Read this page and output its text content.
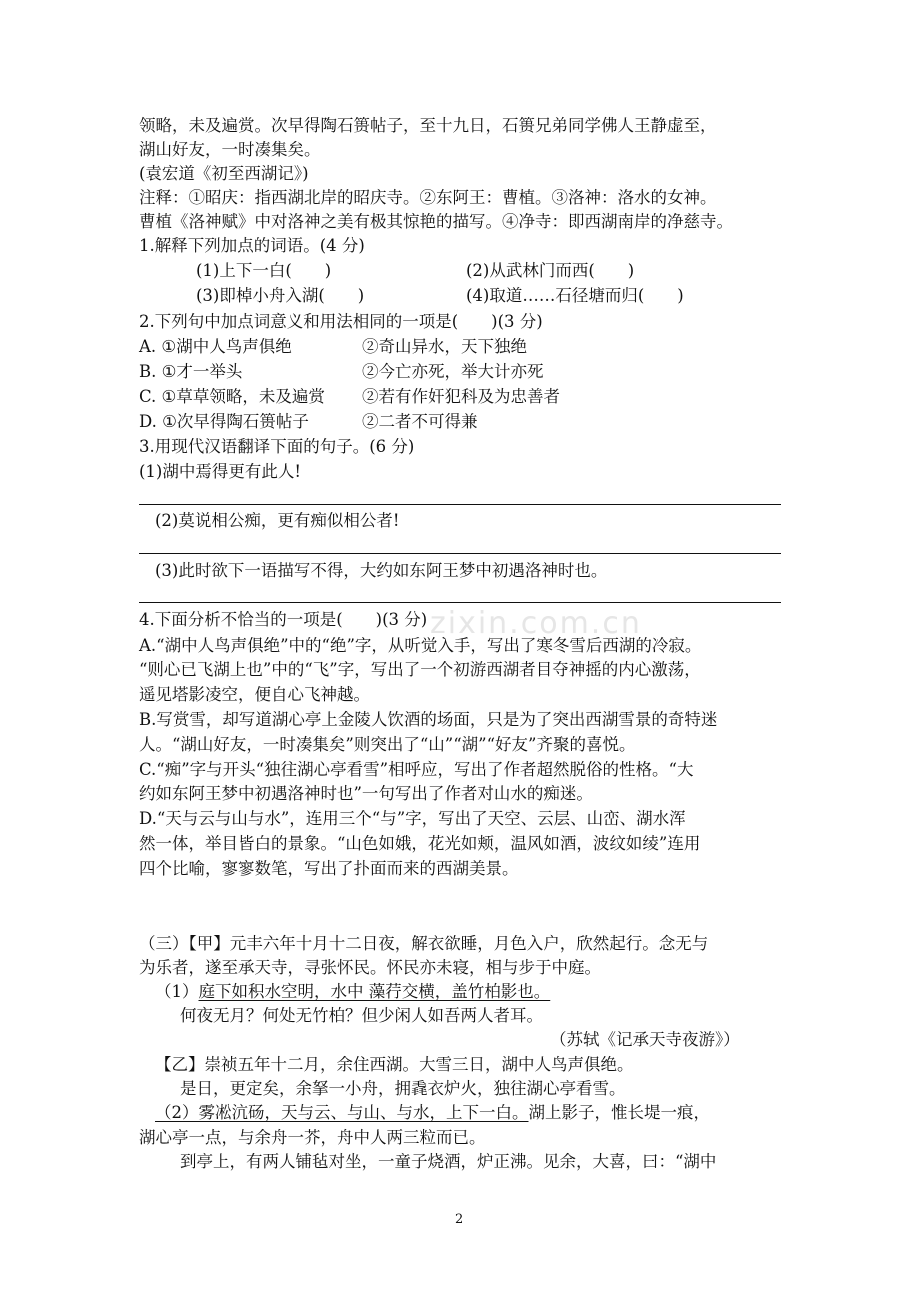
zixin.com.cn
领略，未及遍赏。次早得陶石篑帖子，至十九日，石篑兄弟同学佛人王静虚至，
湖山好友，一时凑集矣。
(袁宏道《初至西湖记》)
注释：①昭庆：指西湖北岸的昭庆寺。②东阿王：曹植。③洛神：洛水的女神。
曹植《洛神赋》中对洛神之美有极其惊艳的描写。④净寺：即西湖南岸的净慈寺。
1.解释下列加点的词语。(4 分)
(1)上下一白(　　)	(2)从武林门而西(　　)
(3)即棹小舟入湖(　　)	(4)取道……石径塘而归(　　)
2.下列句中加点词意义和用法相同的一项是(　　)(3 分)
A. ①湖中人鸟声俱绝	②奇山异水，天下独绝
B. ①才一举头	②今亡亦死，举大计亦死
C. ①草草领略，未及遍赏 ②若有作奸犯科及为忠善者
D. ①次早得陶石篑帖子	②二者不可得兼
3.用现代汉语翻译下面的句子。(6 分)
(1)湖中焉得更有此人!
(2)莫说相公痴，更有痴似相公者!
(3)此时欲下一语描写不得，大约如东阿王梦中初遇洛神时也。
4.下面分析不恰当的一项是(　　)(3 分)
A.“湖中人鸟声俱绝”中的“绝”字，从听觉入手，写出了寒冬雪后西湖的冷寂。
“则心已飞湖上也”中的“飞”字，写出了一个初游西湖者目夺神摇的内心激荡，
遥见塔影凌空，便自心飞神越。
B.写赏雪，却写道湖心亭上金陵人饮酒的场面，只是为了突出西湖雪景的奇特迷
人。“湖山好友，一时凑集矣”则突出了“山”“湖”“好友”齐聚的喜悦。
C.“痴”字与开头“独往湖心亭看雪”相呼应，写出了作者超然脱俗的性格。“大
约如东阿王梦中初遇洛神时也”一句写出了作者对山水的痴迷。
D.“天与云与山与水”，连用三个“与”字，写出了天空、云层、山峦、湖水浑
然一体，举目皆白的景象。“山色如娥，花光如颊，温风如酒，波纹如绫”连用
四个比喻，寥寥数笔，写出了扑面而来的西湖美景。
（三）【甲】元丰六年十月十二日夜，解衣欲睡，月色入户，欣然起行。念无与
为乐者，遂至承天寺，寻张怀民。怀民亦未寝，相与步于中庭。
（1）庭下如积水空明，水中 藻荇交横，盖竹柏影也。
何夜无月？何处无竹柏？但少闲人如吾两人者耳。
（苏轼《记承天寺夜游》）
【乙】崇祯五年十二月，余住西湖。大雪三日，湖中人鸟声俱绝。
是日，更定矣，余拏一小舟，拥毳衣炉火，独往湖心亭看雪。
（2）雾凇沆砀，天与云、与山、与水，上下一白。湖上影子，惟长堤一痕，
湖心亭一点，与余舟一芥，舟中人两三粒而已。
到亭上，有两人铺毡对坐，一童子烧酒，炉正沸。见余，大喜，曰：“湖中
2
